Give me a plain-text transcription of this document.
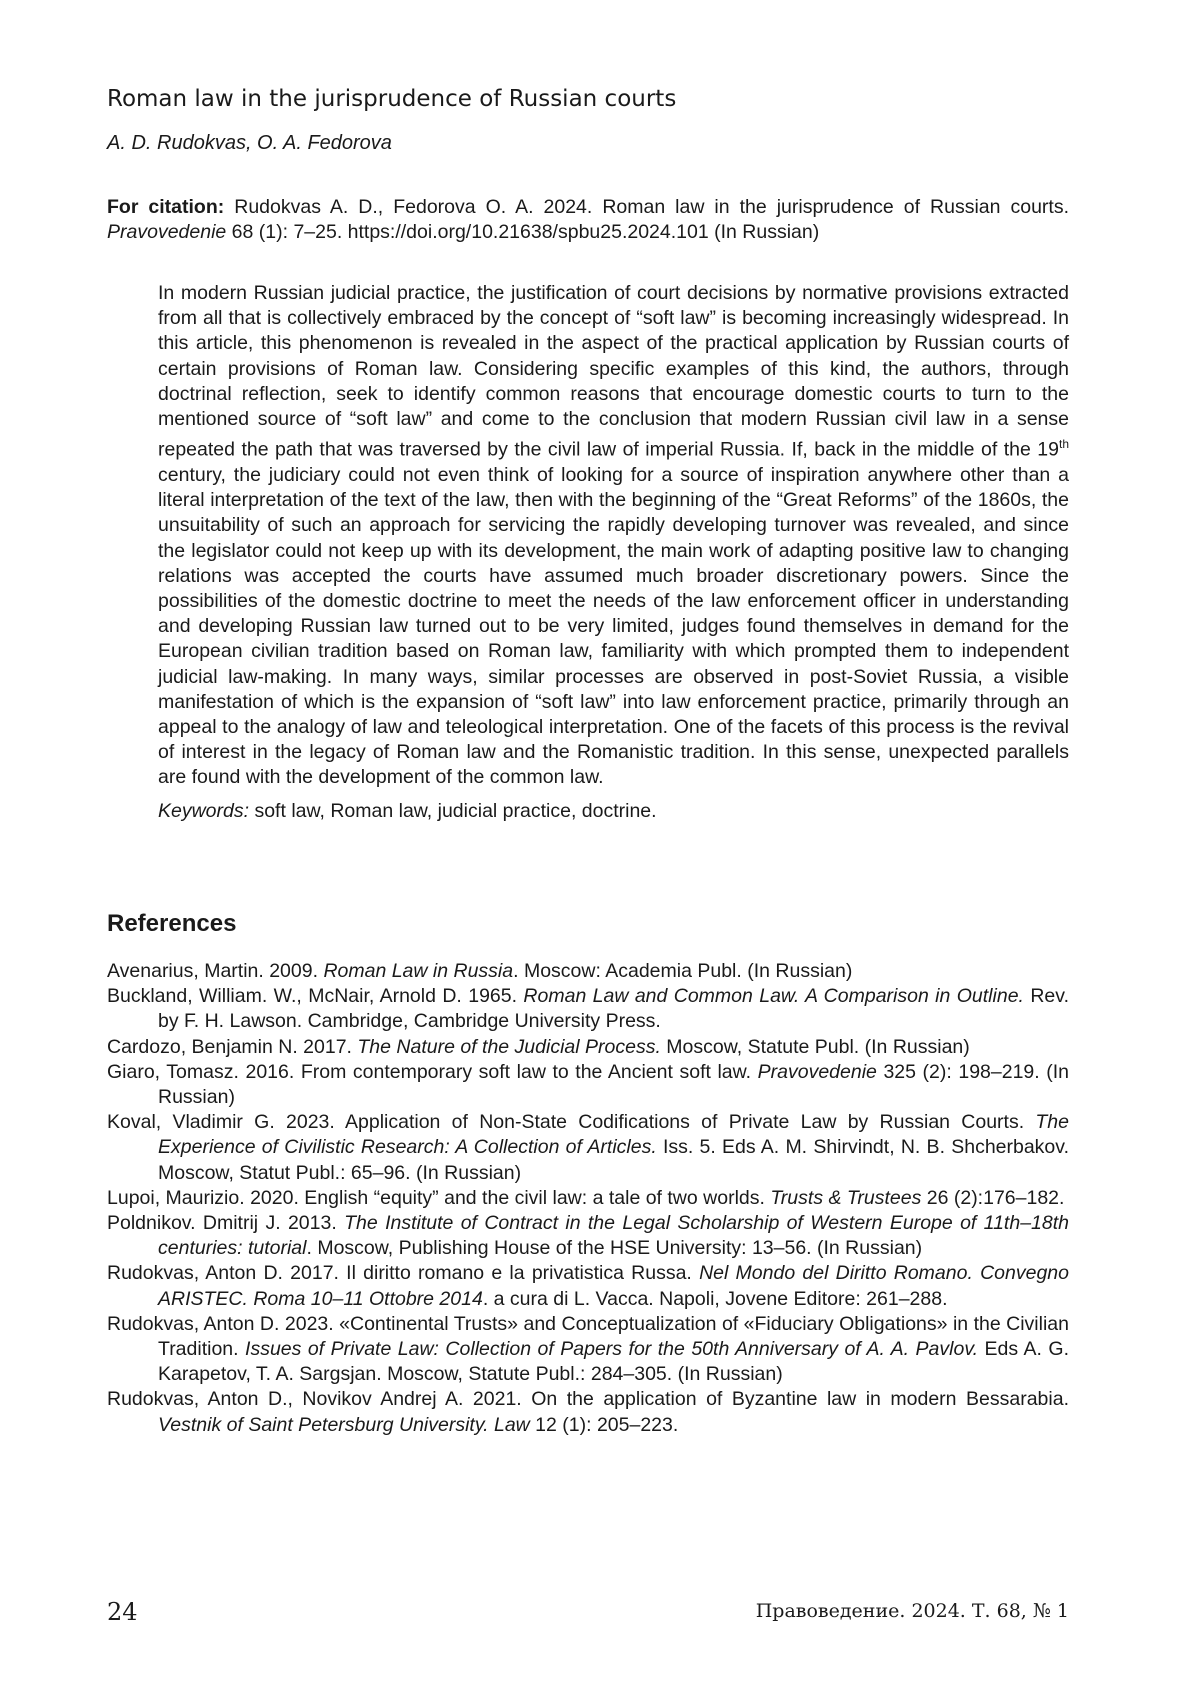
Roman law in the jurisprudence of Russian courts
A. D. Rudokvas, O. A. Fedorova
For citation: Rudokvas A. D., Fedorova O. A. 2024. Roman law in the jurisprudence of Russian courts. Pravovedenie 68 (1): 7–25. https://doi.org/10.21638/spbu25.2024.101 (In Russian)

In modern Russian judicial practice, the justification of court decisions by normative provisions extracted from all that is collectively embraced by the concept of “soft law” is becoming increasingly widespread. In this article, this phenomenon is revealed in the aspect of the practical application by Russian courts of certain provisions of Roman law. Considering specific examples of this kind, the authors, through doctrinal reflection, seek to identify common reasons that encourage domestic courts to turn to the mentioned source of “soft law” and come to the conclusion that modern Russian civil law in a sense repeated the path that was traversed by the civil law of imperial Russia. If, back in the middle of the 19th century, the judiciary could not even think of looking for a source of inspiration anywhere other than a literal interpretation of the text of the law, then with the beginning of the “Great Reforms” of the 1860s, the unsuitability of such an approach for servicing the rapidly developing turnover was revealed, and since the legislator could not keep up with its development, the main work of adapting positive law to changing relations was accepted the courts have assumed much broader discretionary powers. Since the possibilities of the domestic doctrine to meet the needs of the law enforcement officer in understanding and developing Russian law turned out to be very limited, judges found themselves in demand for the European civilian tradition based on Roman law, familiarity with which prompted them to independent judicial law-making. In many ways, similar processes are observed in post-Soviet Russia, a visible manifestation of which is the expansion of “soft law” into law enforcement practice, primarily through an appeal to the analogy of law and teleological interpretation. One of the facets of this process is the revival of interest in the legacy of Roman law and the Romanistic tradition. In this sense, unexpected parallels are found with the development of the common law.

Keywords: soft law, Roman law, judicial practice, doctrine.

References

Avenarius, Martin. 2009. Roman Law in Russia. Moscow: Academia Publ. (In Russian)

Buckland, William. W., McNair, Arnold D. 1965. Roman Law and Common Law. A Comparison in Outline. Rev. by F. H. Lawson. Cambridge, Cambridge University Press.

Cardozo, Benjamin N. 2017. The Nature of the Judicial Process. Moscow, Statute Publ. (In Russian)

Giaro, Tomasz. 2016. From contemporary soft law to the Ancient soft law. Pravovedenie 325 (2): 198–219. (In Russian)

Koval, Vladimir G. 2023. Application of Non-State Codifications of Private Law by Russian Courts. The Experience of Civilistic Research: A Collection of Articles. Iss. 5. Eds A. M. Shirvindt, N. B. Shcherbakov. Moscow, Statut Publ.: 65–96. (In Russian)

Lupoi, Maurizio. 2020. English “equity” and the civil law: a tale of two worlds. Trusts & Trustees 26 (2):176–182.

Poldnikov. Dmitrij J. 2013. The Institute of Contract in the Legal Scholarship of Western Europe of 11th–18th centuries: tutorial. Moscow, Publishing House of the HSE University: 13–56. (In Russian)

Rudokvas, Anton D. 2017. Il diritto romano e la privatistica Russa. Nel Mondo del Diritto Romano. Convegno ARISTEC. Roma 10–11 Ottobre 2014. a cura di L. Vacca. Napoli, Jovene Editore: 261–288.

Rudokvas, Anton D. 2023. «Continental Trusts» and Conceptualization of «Fiduciary Obligations» in the Civilian Tradition. Issues of Private Law: Collection of Papers for the 50th Anniversary of A. A. Pavlov. Eds A. G. Karapetov, T. A. Sargsjan. Moscow, Statute Publ.: 284–305. (In Russian)

Rudokvas, Anton D., Novikov Andrej A. 2021. On the application of Byzantine law in modern Bessarabia. Vestnik of Saint Petersburg University. Law 12 (1): 205–223.

24	Правоведение. 2024. Т. 68, № 1
